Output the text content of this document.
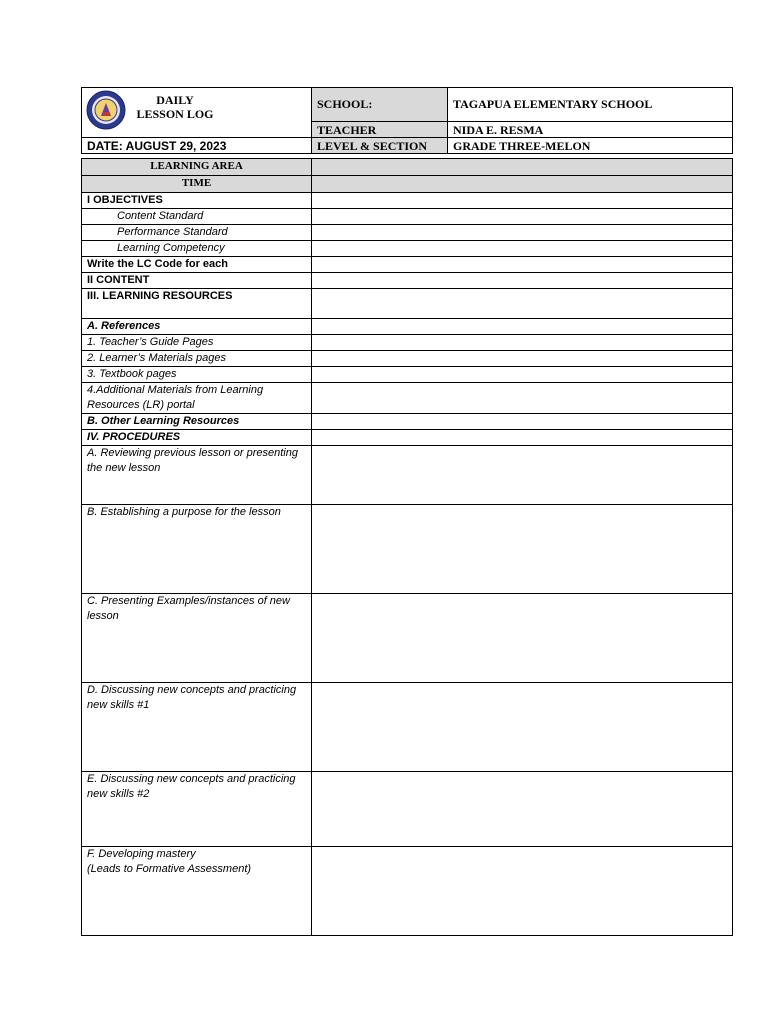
DAILY
LESSON LOG	SCHOOL:	TAGAPUA ELEMENTARY SCHOOL
	TEACHER	NIDA E. RESMA
DATE: AUGUST 29, 2023	LEVEL & SECTION	GRADE THREE-MELON
LEARNING AREA	
TIME	
I OBJECTIVES	
Content Standard	
Performance Standard	
Learning Competency	
Write the LC Code for each	
II CONTENT	
III. LEARNING RESOURCES	
A. References	
1. Teacher’s Guide Pages	
2. Learner’s Materials pages	
3. Textbook pages	
4.Additional Materials from Learning Resources (LR) portal	
B. Other Learning Resources	
IV. PROCEDURES	
A. Reviewing previous lesson or presenting the new lesson	
B. Establishing a purpose for the lesson	
C. Presenting Examples/instances of new lesson	
D. Discussing new concepts and practicing new skills #1	
E. Discussing new concepts and practicing new skills #2	

F. Developing mastery
(Leads to Formative Assessment)	
